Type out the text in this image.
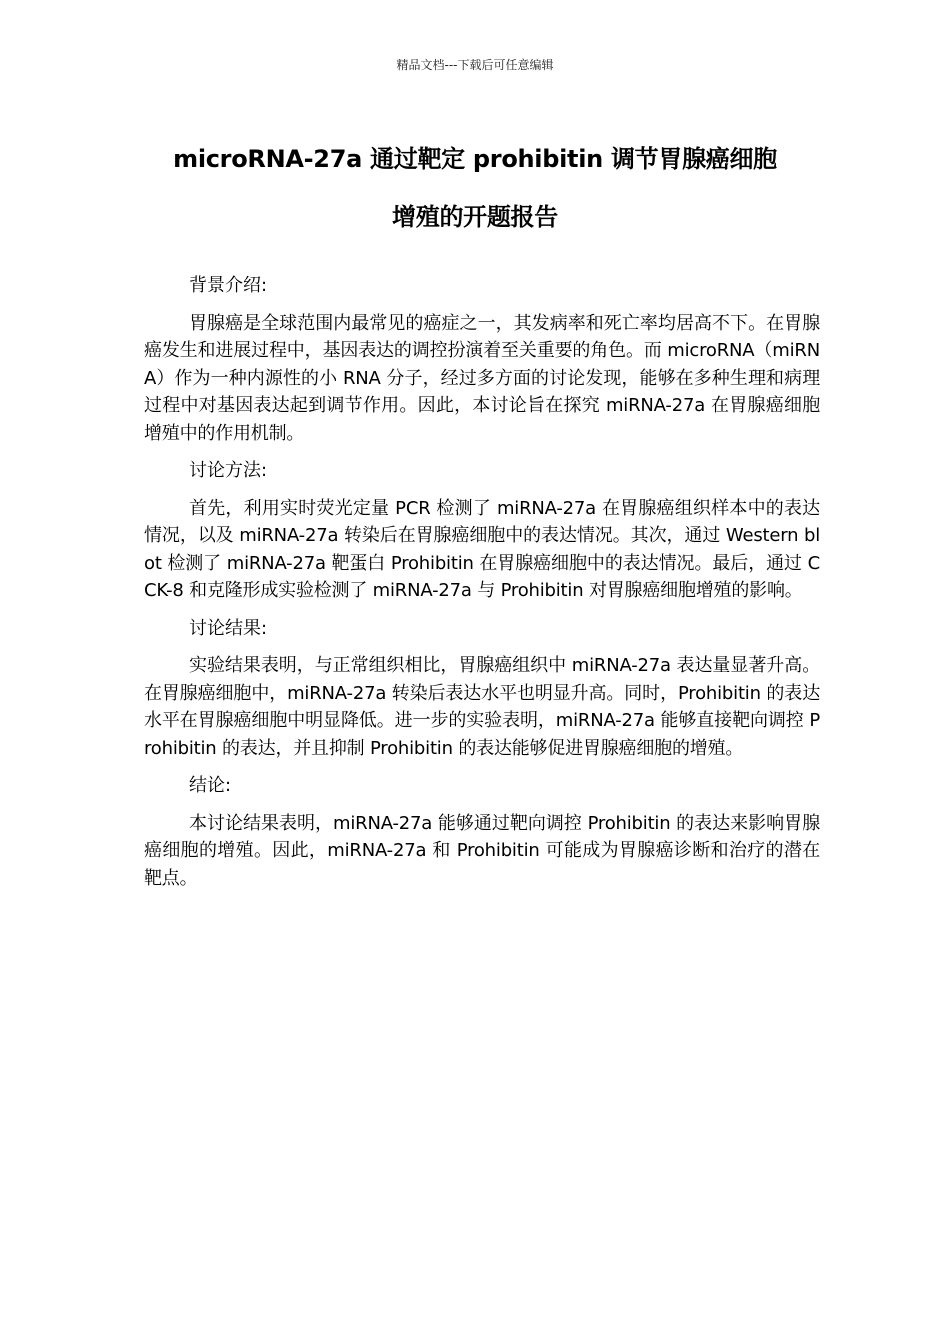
精品文档---下载后可任意编辑
microRNA-27a 通过靶定 prohibitin 调节胃腺癌细胞
增殖的开题报告

背景介绍:

胃腺癌是全球范围内最常见的癌症之一，其发病率和死亡率均居高不下。在胃腺癌发生和进展过程中，基因表达的调控扮演着至关重要的角色。而 microRNA（miRNA）作为一种内源性的小 RNA 分子，经过多方面的讨论发现，能够在多种生理和病理过程中对基因表达起到调节作用。因此，本讨论旨在探究 miRNA-27a 在胃腺癌细胞增殖中的作用机制。

讨论方法:

首先，利用实时荧光定量 PCR 检测了 miRNA-27a 在胃腺癌组织样本中的表达情况，以及 miRNA-27a 转染后在胃腺癌细胞中的表达情况。其次，通过 Western blot 检测了 miRNA-27a 靶蛋白 Prohibitin 在胃腺癌细胞中的表达情况。最后，通过 CCK-8 和克隆形成实验检测了 miRNA-27a 与 Prohibitin 对胃腺癌细胞增殖的影响。

讨论结果:

实验结果表明，与正常组织相比，胃腺癌组织中 miRNA-27a 表达量显著升高。在胃腺癌细胞中，miRNA-27a 转染后表达水平也明显升高。同时，Prohibitin 的表达水平在胃腺癌细胞中明显降低。进一步的实验表明，miRNA-27a 能够直接靶向调控 Prohibitin 的表达，并且抑制 Prohibitin 的表达能够促进胃腺癌细胞的增殖。

结论:

本讨论结果表明，miRNA-27a 能够通过靶向调控 Prohibitin 的表达来影响胃腺癌细胞的增殖。因此，miRNA-27a 和 Prohibitin 可能成为胃腺癌诊断和治疗的潜在靶点。
